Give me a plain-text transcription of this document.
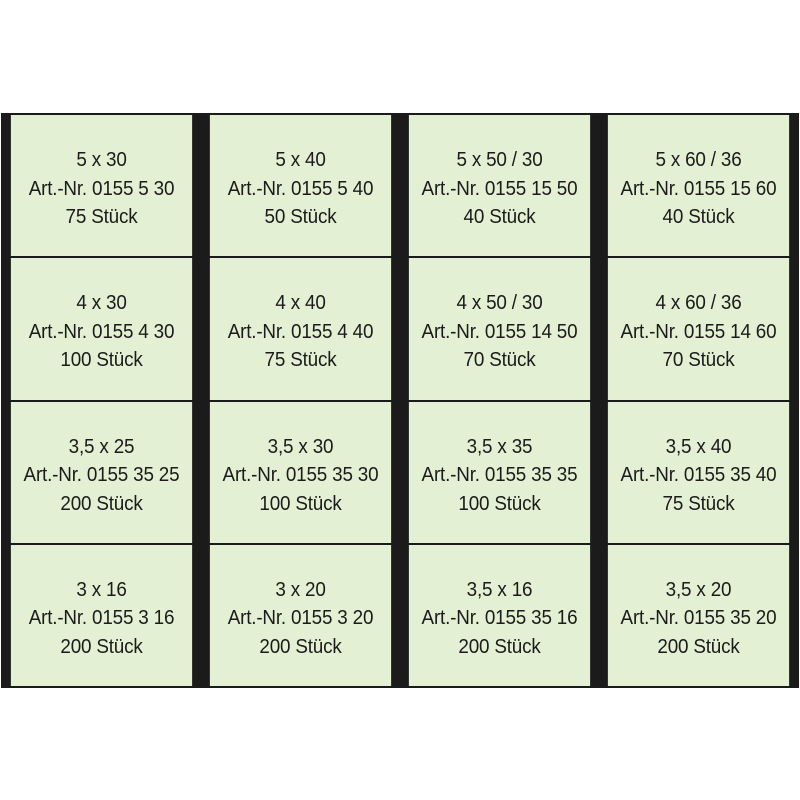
5 x 30
Art.-Nr. 0155 5 30
75 Stück
5 x 40
Art.-Nr. 0155 5 40
50 Stück
5 x 50 / 30
Art.-Nr. 0155 15 50
40 Stück
5 x 60 / 36
Art.-Nr. 0155 15 60
40 Stück
4 x 30
Art.-Nr. 0155 4 30
100 Stück
4 x 40
Art.-Nr. 0155 4 40
75 Stück
4 x 50 / 30
Art.-Nr. 0155 14 50
70 Stück
4 x 60 / 36
Art.-Nr. 0155 14 60
70 Stück
3,5 x 25
Art.-Nr. 0155 35 25
200 Stück
3,5 x 30
Art.-Nr. 0155 35 30
100 Stück
3,5 x 35
Art.-Nr. 0155 35 35
100 Stück
3,5 x 40
Art.-Nr. 0155 35 40
75 Stück
3 x 16
Art.-Nr. 0155 3 16
200 Stück
3 x 20
Art.-Nr. 0155 3 20
200 Stück
3,5 x 16
Art.-Nr. 0155 35 16
200 Stück
3,5 x 20
Art.-Nr. 0155 35 20
200 Stück
